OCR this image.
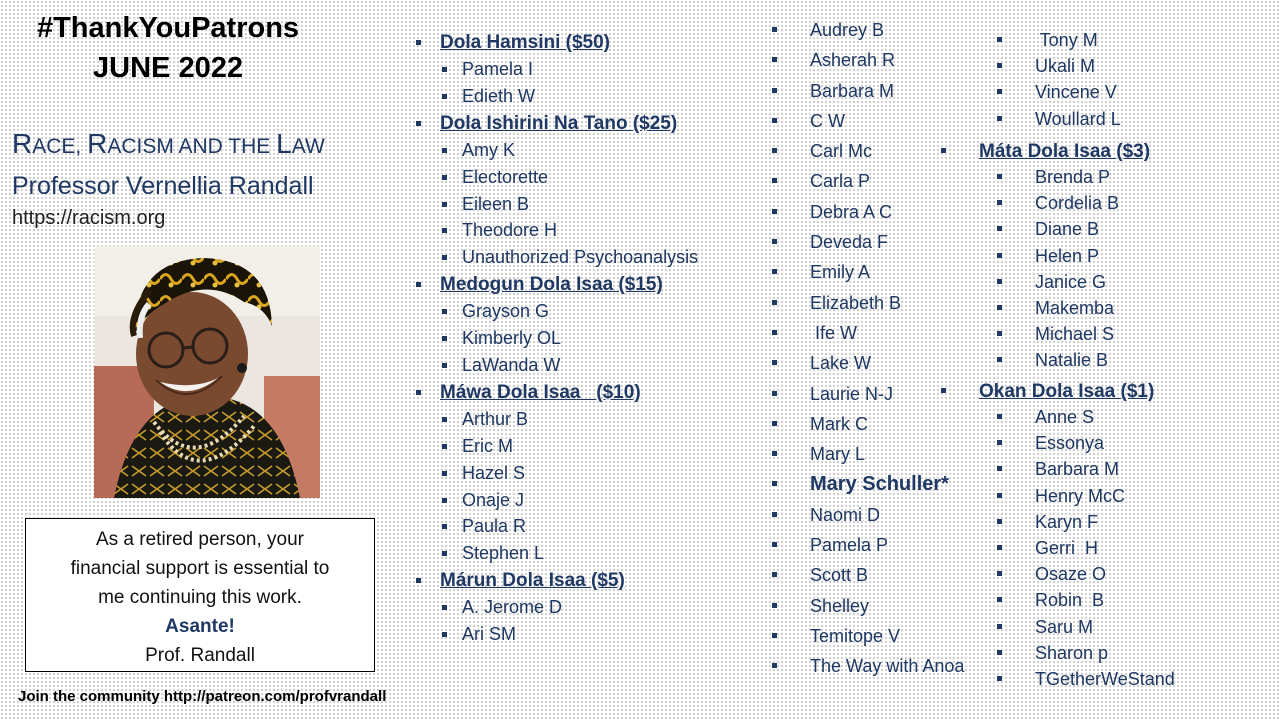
#ThankYouPatrons
JUNE 2022
RACE, RACISM AND THE LAW
Professor Vernellia Randall
https://racism.org
As a retired person, your
financial support is essential to
me continuing this work.
Asante!
Prof. Randall
Join the community http://patreon.com/profvrandall
Dola Hamsini ($50)
Pamela I
Edieth W
Dola Ishirini Na Tano ($25)
Amy K
Electorette
Eileen B
Theodore H
Unauthorized Psychoanalysis
Medogun Dola Isaa ($15)
Grayson G
Kimberly OL
LaWanda W
Máwa Dola Isaa   ($10)
Arthur B
Eric M
Hazel S
Onaje J
Paula R
Stephen L
Márun Dola Isaa ($5)
A. Jerome D
Ari SM
Audrey B
Asherah R
Barbara M
C W
Carl Mc
Carla P
Debra A C
Deveda F
Emily A
Elizabeth B
Ife W
Lake W
Laurie N-J
Mark C
Mary L
Mary Schuller*
Naomi D
Pamela P
Scott B
Shelley
Temitope V
The Way with Anoa
Tony M
Ukali M
Vincene V
Woullard L
Máta Dola Isaa ($3)
Brenda P
Cordelia B
Diane B
Helen P
Janice G
Makemba
Michael S
Natalie B
Okan Dola Isaa ($1)
Anne S
Essonya
Barbara M
Henry McC
Karyn F
Gerri  H
Osaze O
Robin  B
Saru M
Sharon p
TGetherWeStand
